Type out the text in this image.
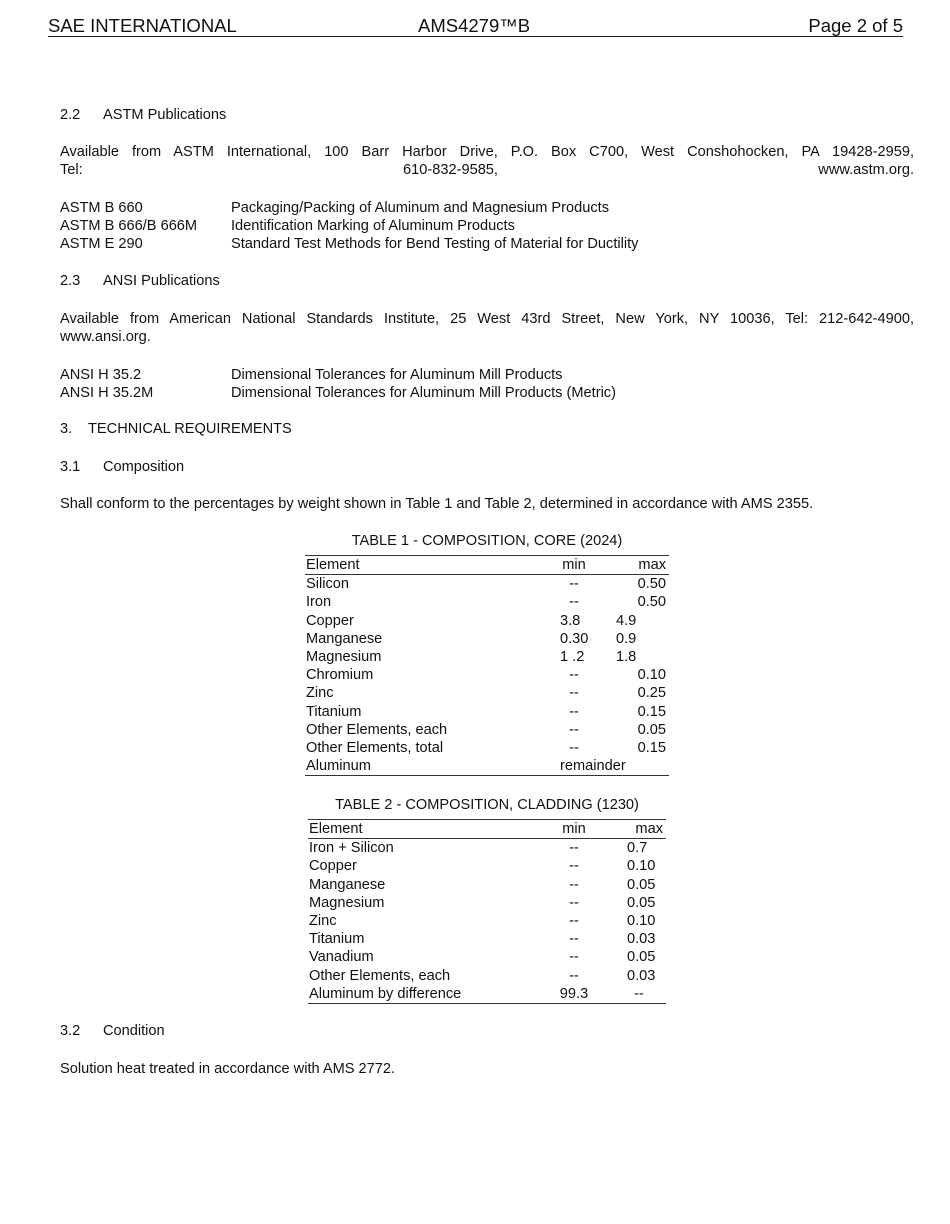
SAE INTERNATIONAL	AMS4279™B	Page 2 of 5
2.2 ASTM Publications
Available from ASTM International, 100 Barr Harbor Drive, P.O. Box C700, West Conshohocken, PA 19428-2959,
Tel: 610-832-9585, www.astm.org.
ASTM B 660	Packaging/Packing of Aluminum and Magnesium Products
ASTM B 666/B 666M Identification Marking of Aluminum Products
ASTM E 290	Standard Test Methods for Bend Testing of Material for Ductility
2.3 ANSI Publications
Available from American National Standards Institute, 25 West 43rd Street, New York, NY 10036, Tel: 212-642-4900,
www.ansi.org.
ANSI H 35.2	Dimensional Tolerances for Aluminum Mill Products
ANSI H 35.2M	Dimensional Tolerances for Aluminum Mill Products (Metric)
3. TECHNICAL REQUIREMENTS
3.1 Composition
Shall conform to the percentages by weight shown in Table 1 and Table 2, determined in accordance with AMS 2355.
TABLE 1 - COMPOSITION, CORE (2024)
Element	min	max
Silicon	--	0.50
Iron	--	0.50
Copper	3.8	4.9
Manganese	0.30	0.9
Magnesium	1 .2	1.8
Chromium	--	0.10
Zinc	--	0.25
Titanium	--	0.15
Other Elements, each	--	0.05
Other Elements, total	--	0.15
Aluminum	remainder	
TABLE 2 - COMPOSITION, CLADDING (1230)
Element	min	max
Iron + Silicon	--	0.7
Copper	--	0.10
Manganese	--	0.05
Magnesium	--	0.05
Zinc	--	0.10
Titanium	--	0.03
Vanadium	--	0.05
Other Elements, each	--	0.03
Aluminum by difference	99.3	--
3.2 Condition
Solution heat treated in accordance with AMS 2772.
